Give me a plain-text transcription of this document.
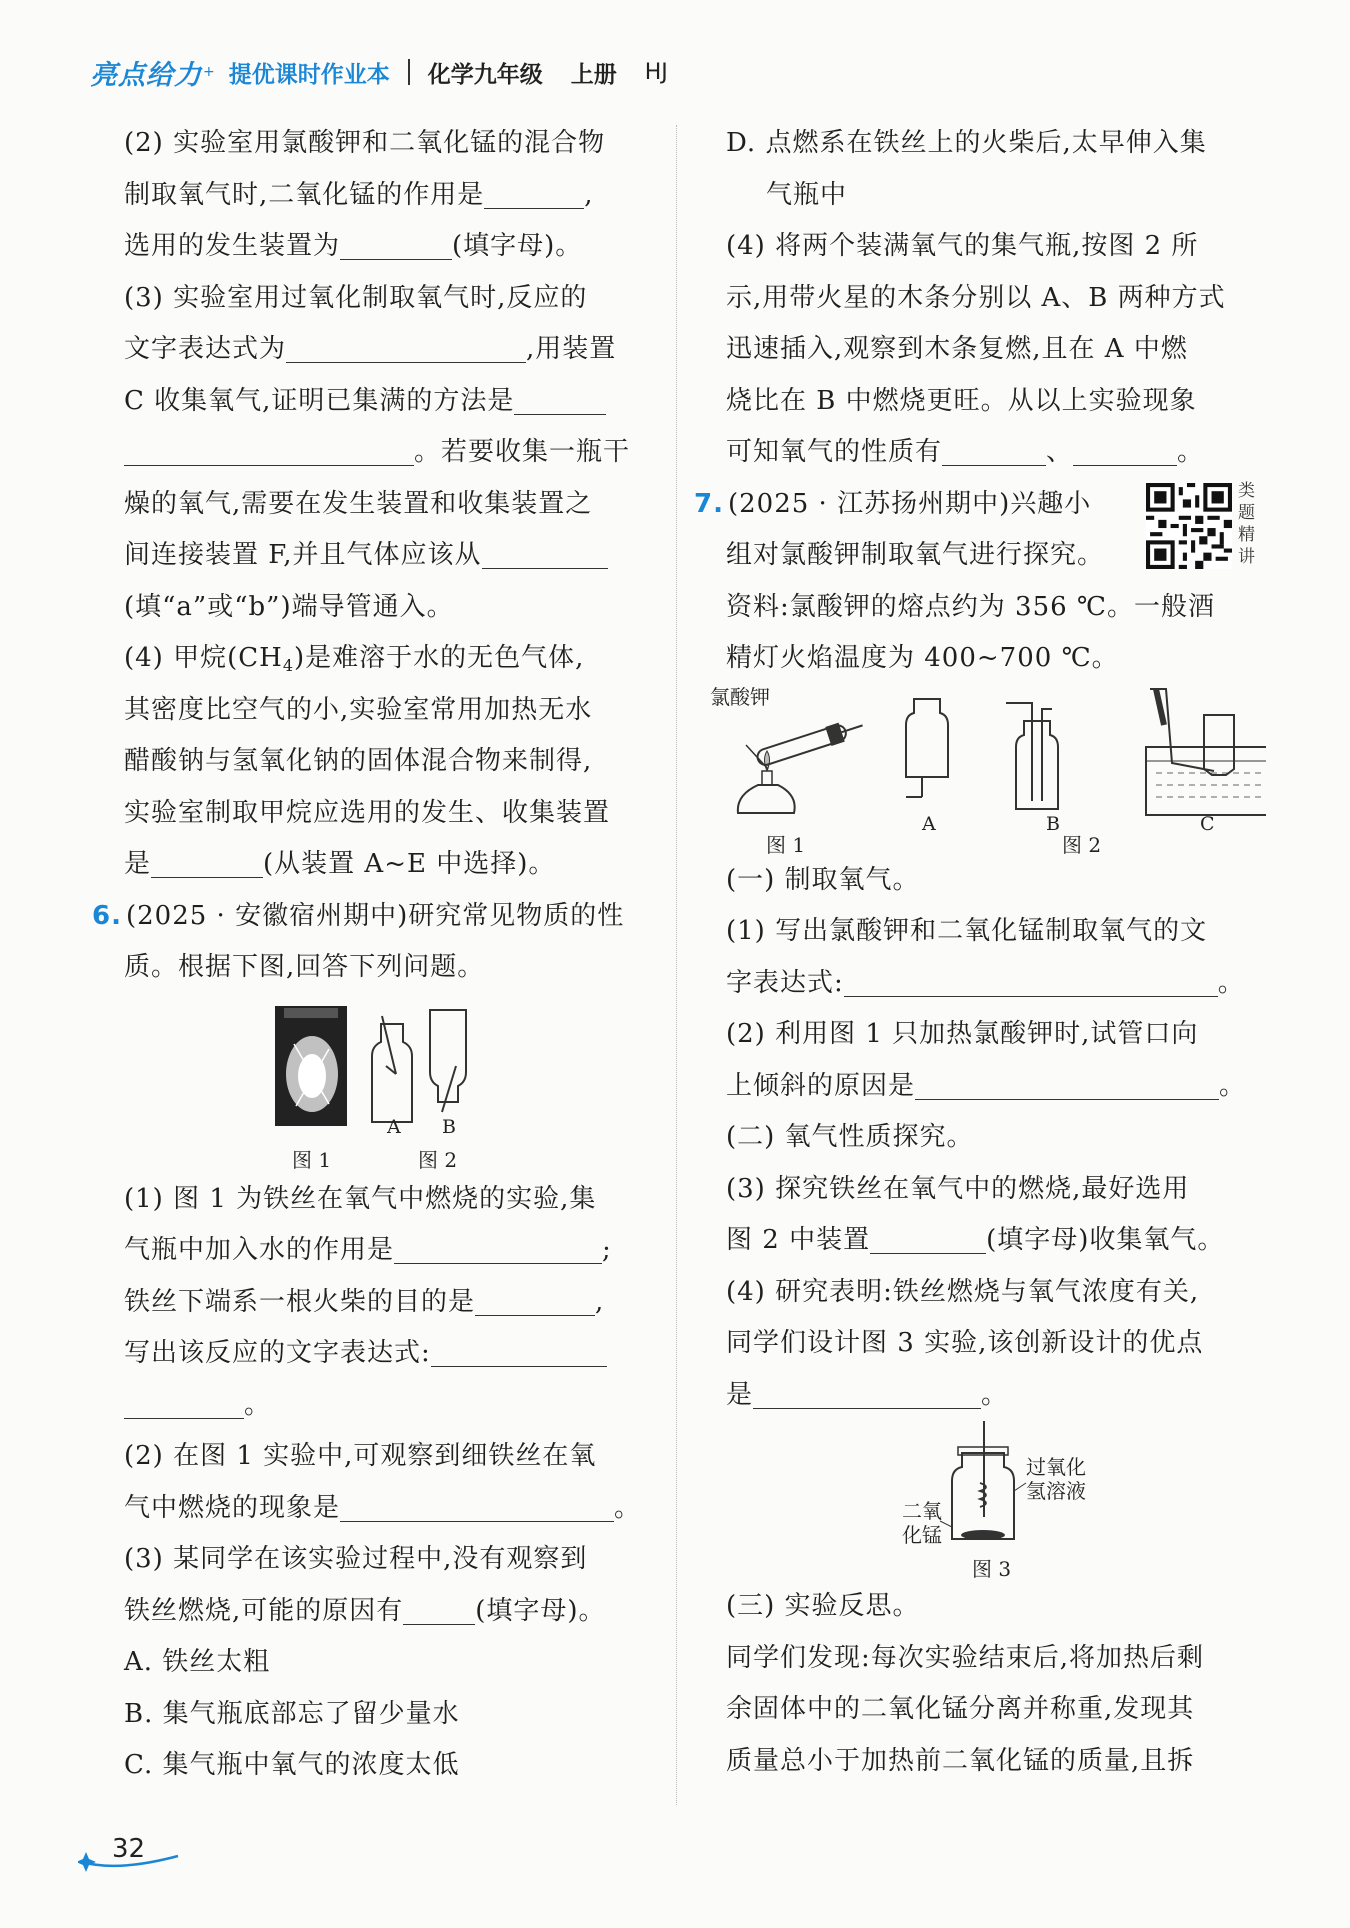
亮点给力 + 提优课时作业本 化学九年级 上册 HJ
(2) 实验室用氯酸钾和二氧化锰的混合物
制取氧气时,二氧化锰的作用是	,
选用的发生装置为	(填字母)。
(3) 实验室用过氧化制取氧气时,反应的
文字表达式为	,用装置
C 收集氧气,证明已集满的方法是
。若要收集一瓶干
燥的氧气,需要在发生装置和收集装置之
间连接装置 F,并且气体应该从
(填“a”或“b”)端导管通入。
(4) 甲烷$(CH_4)$是难溶于水的无色气体,
其密度比空气的小,实验室常用加热无水
醋酸钠与氢氧化钠的固体混合物来制得,
实验室制取甲烷应选用的发生、收集装置
是	(从装置 A~E 中选择)。
6. (2025 · 安徽宿州期中)研究常见物质的性
质。根据下图,回答下列问题。
A B
图 1	图 2
(1) 图 1 为铁丝在氧气中燃烧的实验,集
气瓶中加入水的作用是	;
铁丝下端系一根火柴的目的是	,
写出该反应的文字表达式:
。
(2) 在图 1 实验中,可观察到细铁丝在氧
气中燃烧的现象是	。
(3) 某同学在该实验过程中,没有观察到
铁丝燃烧,可能的原因有	(填字母)。
A. 铁丝太粗
B. 集气瓶底部忘了留少量水
C. 集气瓶中氧气的浓度太低
D. 点燃系在铁丝上的火柴后,太早伸入集
气瓶中
(4) 将两个装满氧气的集气瓶,按图 2 所
示,用带火星的木条分别以 A、B 两种方式
迅速插入,观察到木条复燃,且在 A 中燃
烧比在 B 中燃烧更旺。从以上实验现象
可知氧气的性质有	、	。
7. (2025 · 江苏扬州期中)兴趣小
组对氯酸钾制取氧气进行探究。
资料:氯酸钾的熔点约为 356 ℃。一般酒
精灯火焰温度为 400~700 ℃。
氯酸钾
A	B	C
图 1	图 2
(一) 制取氧气。
(1) 写出氯酸钾和二氧化锰制取氧气的文
字表达式:	。
(2) 利用图 1 只加热氯酸钾时,试管口向
上倾斜的原因是	。
(二) 氧气性质探究。
(3) 探究铁丝在氧气中的燃烧,最好选用
图 2 中装置	(填字母)收集氧气。
(4) 研究表明:铁丝燃烧与氧气浓度有关,
同学们设计图 3 实验,该创新设计的优点
是	。
过氧化
氢溶液
二氧
化锰
图 3
(三) 实验反思。
同学们发现:每次实验结束后,将加热后剩
余固体中的二氧化锰分离并称重,发现其
质量总小于加热前二氧化锰的质量,且拆
类题精讲
32
